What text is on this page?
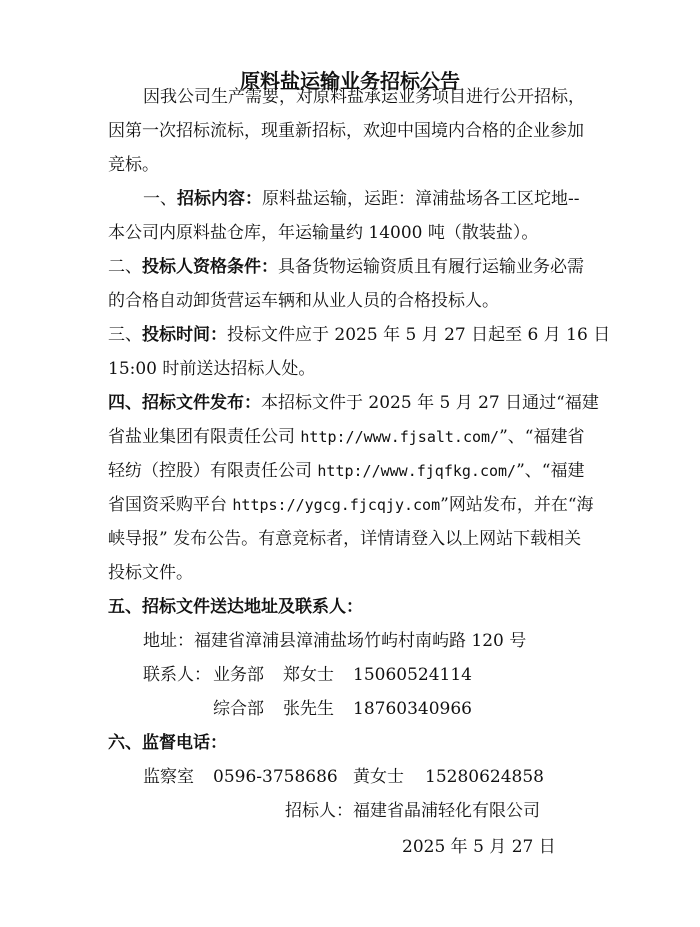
原料盐运输业务招标公告
因我公司生产需要，对原料盐承运业务项目进行公开招标，
因第一次招标流标，现重新招标，欢迎中国境内合格的企业参加
竞标。
一、招标内容：原料盐运输，运距：漳浦盐场各工区坨地--
本公司内原料盐仓库，年运输量约 14000 吨（散装盐）。
二、投标人资格条件：具备货物运输资质且有履行运输业务必需
的合格自动卸货营运车辆和从业人员的合格投标人。
三、投标时间：投标文件应于 2025 年 5 月 27 日起至 6 月 16 日
15:00 时前送达招标人处。
四、招标文件发布：本招标文件于 2025 年 5 月 27 日通过“福建
省盐业集团有限责任公司 http://www.fjsalt.com/”、“福建省
轻纺（控股）有限责任公司 http://www.fjqfkg.com/”、“福建
省国资采购平台 https://ygcg.fjcqjy.com”网站发布，并在“海
峡导报” 发布公告。有意竞标者，详情请登入以上网站下载相关
投标文件。
五、招标文件送达地址及联系人：
地址：福建省漳浦县漳浦盐场竹屿村南屿路 120 号
联系人： 业务部 郑女士 15060524114
综合部 张先生 18760340966
六、监督电话：
监察室 0596-3758686 黄女士 15280624858
招标人：福建省晶浦轻化有限公司
2025 年 5 月 27 日
